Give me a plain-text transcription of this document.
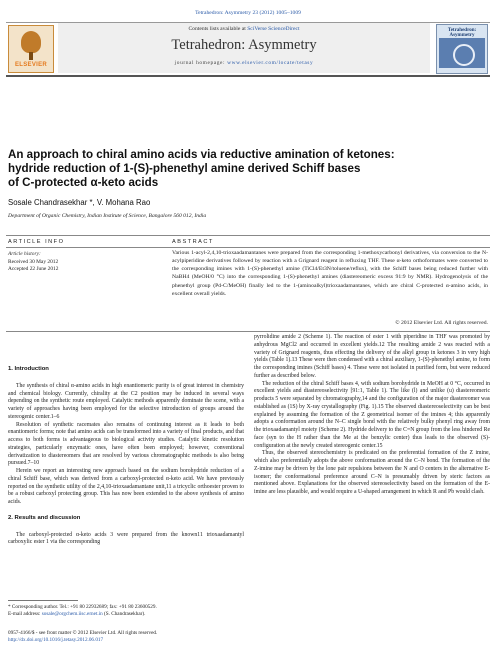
Tetrahedron: Asymmetry 23 (2012) 1005–1009
ELSEVIER
Contents lists available at SciVerse ScienceDirect
Tetrahedron: Asymmetry
journal homepage: www.elsevier.com/locate/tetasy
Tetrahedron: Asymmetry
An approach to chiral amino acids via reductive amination of ketones:
hydride reduction of 1-(S)-phenethyl amine derived Schiff bases
of C-protected α-keto acids
Sosale Chandrasekhar *, V. Mohana Rao
Department of Organic Chemistry, Indian Institute of Science, Bangalore 560 012, India
ARTICLE INFO	ABSTRACT
Article history:
Received 30 May 2012
Accepted 22 June 2012
Various 1-acyl-2,4,10-trioxaadamantanes were prepared from the corresponding 1-methoxycarbonyl derivatives, via conversion to the N-acylpiperidine derivatives followed by reaction with a Grignard reagent in refluxing THF. These α-keto orthoformates were converted to the corresponding imines with 1-(S)-phenethyl amine (TiCl4/Et3N/toluene/reflux), with the Schiff bases being reduced further with NaBH4 (MeOH/0 °C) into the corresponding 1-(S)-phenethyl amines (diastereomeric excess 91:9 by NMR). Hydrogenolysis of the phenethyl group (Pd-C/MeOH) finally led to the 1-(aminoalkyl)trioxaadamantanes, which are chiral C-protected α-amino acids, in excellent overall yields.
© 2012 Elsevier Ltd. All rights reserved.
1. Introduction

The synthesis of chiral α-amino acids in high enantiomeric purity is of great interest in chemistry and chemical biology. Currently, chirality at the C2 position may be induced in several ways depending on the synthetic route employed. Catalytic methods apparently dominate the scene, with a variety of approaches having been employed for the selective introduction of groups around the stereogenic center.1–6

Resolution of synthetic racemates also remains of continuing interest as it leads to both enantiomeric forms; note that amino acids can be transformed into a variety of final products, and that access to both forms is advantageous to biological activity studies. Catalytic kinetic resolution strategies, particularly enzymatic ones, have often been employed; however, conventional derivatization to diastereomers that are resolved by various chromatographic methods is also being pursued.7–10

Herein we report an interesting new approach based on the sodium borohydride reduction of a chiral Schiff base, which was derived from a carboxyl-protected α-keto acid. We have previously reported on the synthetic utility of the 2,4,10-trioxaadamantane unit,11 a tricyclic orthoester proven to be a robust carboxyl protecting group. This has now been extended to the above synthesis of amino acids.

2. Results and discussion

The carboxyl-protected α-keto acids 3 were prepared from the known11 trioxaadamantyl carboxylic ester 1 via the corresponding

pyrrolidine amide 2 (Scheme 1). The reaction of ester 1 with piperidine in THF was promoted by anhydrous MgCl2 and occurred in excellent yields.12 The resulting amide 2 was reacted with a variety of Grignard reagents, thus effecting the delivery of the alkyl group in ketones 3 in very high yields (Table 1).13 These were then condensed with a chiral auxiliary, 1-(S)-phenethyl amine, to form the corresponding imines (Schiff bases) 4. These were not isolated in purified form, but were reduced further as described below.

The reduction of the chiral Schiff bases 4, with sodium borohydride in MeOH at 0 °C, occurred in excellent yields and diastereoselectivity [91:1, Table 1). The like (l) and unlike (u) diastereomeric products 5 were separated by chromatography,14 and the configuration of the major diastereomer was established as (1S) by X-ray crystallography (Fig. 1).15 The observed diastereoselectivity can be best explained by assuming the formation of the Z geometrical isomer of the imines 4; this apparently adopts a conformation around the N–C single bond with the relatively bulky phenyl ring away from the trioxaadamantyl moiety (Scheme 2). Hydride delivery to the C=N group from the less hindered Re face (syn to the H rather than the Me at the benzylic center) thus leads to the observed (S)-configuration at the newly created stereogenic center.15

Thus, the observed stereochemistry is predicated on the preferential formation of the Z imine, which also preferentially adopts the above conformation around the C–N bond. The formation of the Z-imine may be driven by the lone pair repulsions between the N and O centers in the alternative E-isomer; the conformational preference around C–N is presumably driven by steric factors as mentioned above. Explanations for the observed stereoselectivity based on the formation of the E-imine are less plausible, and would require a U-shaped arrangement in which R and Pb would clash.

* Corresponding author. Tel.: +91 80 22932689; fax: +91 80 23600529.
E-mail address: sosale@orgchem.iisc.ernet.in (S. Chandrasekhar).
0957-4166/$ - see front matter © 2012 Elsevier Ltd. All rights reserved.
http://dx.doi.org/10.1016/j.tetasy.2012.06.017
